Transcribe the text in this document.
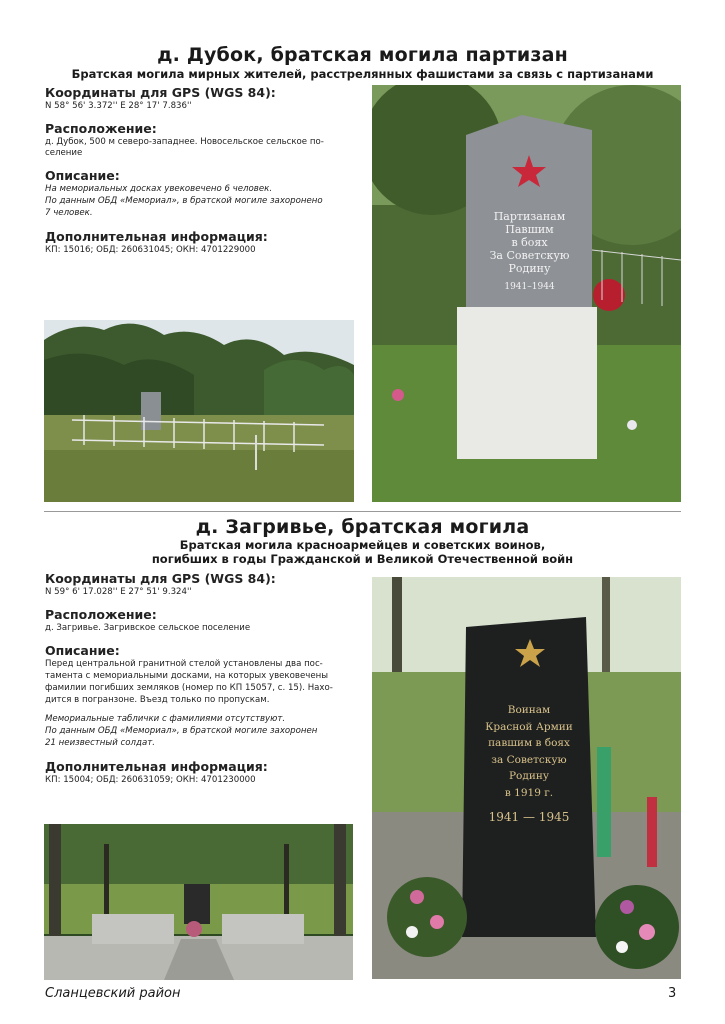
д. Дубок, братская могила партизан
Братская могила мирных жителей, расстрелянных фашистами за связь с партизанами
Координаты для GPS (WGS 84):
N 58° 56' 3.372'' E 28° 17' 7.836''
Расположение:
д. Дубок, 500 м северо-западнее. Новосельское сельское по-
селение
Описание:
На мемориальных досках увековечено 6 человек.
По данным ОБД «Мемориал», в братской могиле захоронено
7 человек.
Дополнительная информация:
КП: 15016; ОБД: 260631045; ОКН: 4701229000
Партизанам
Павшим
в боях
За Советскую
Родину
1941–1944
д. Загривье, братская могила
Братская могила красноармейцев и советских воинов,
погибших в годы Гражданской и Великой Отечественной войн
Координаты для GPS (WGS 84):
N 59° 6' 17.028'' E 27° 51' 9.324''
Расположение:
д. Загривье. Загривское сельское поселение
Описание:
Перед центральной гранитной стелой установлены два пос-
тамента с мемориальными досками, на которых увековечены
фамилии погибших земляков (номер по КП 15057, с. 15). Нахо-
дится в погранзоне. Въезд только по пропускам.
Мемориальные таблички с фамилиями отсутствуют.
По данным ОБД «Мемориал», в братской могиле захоронен
21 неизвестный солдат.
Дополнительная информация:
КП: 15004; ОБД: 260631059; ОКН: 4701230000
Воинам
Красной Армии
павшим в боях
за Советскую
Родину
в 1919 г.
1941 — 1945
Сланцевский район	3
